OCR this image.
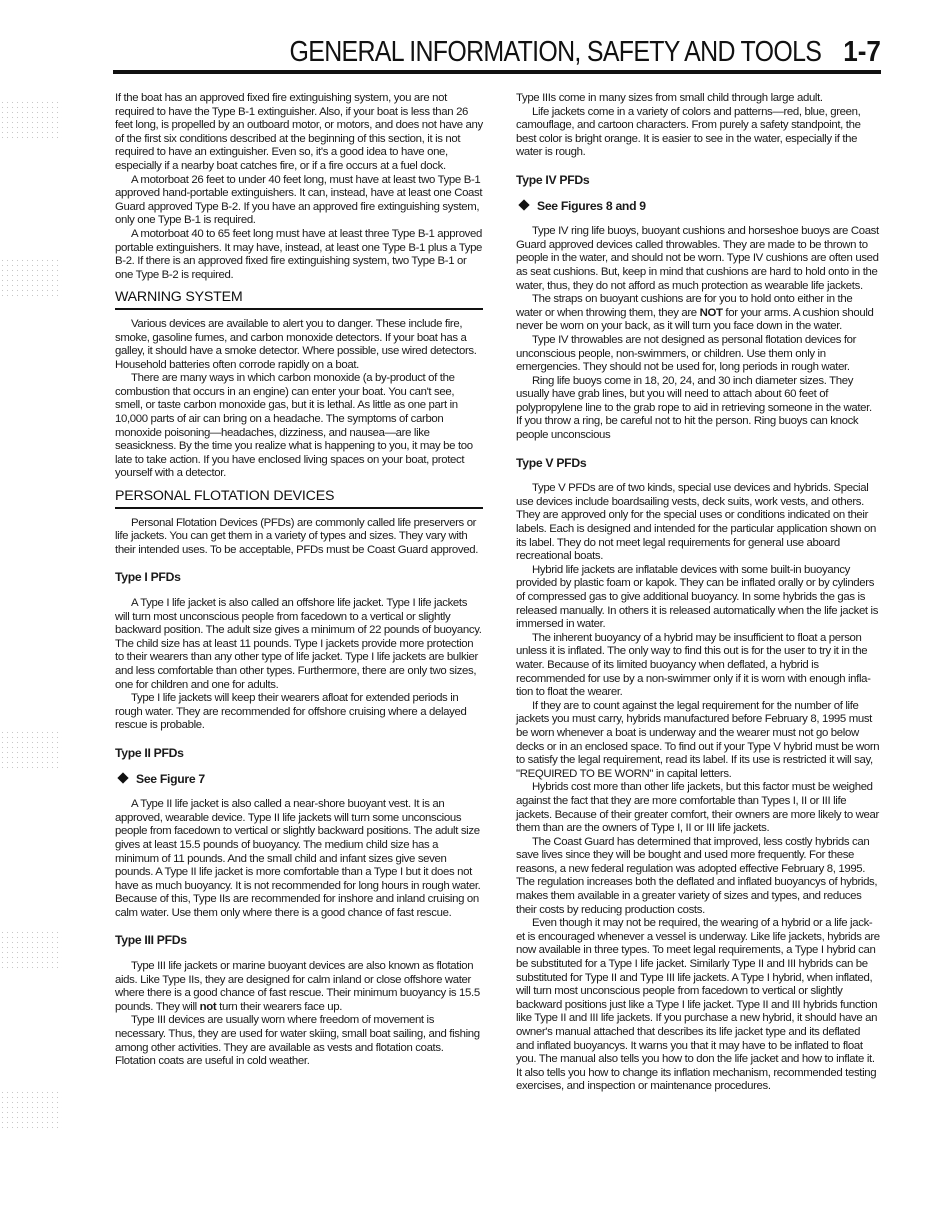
GENERAL INFORMATION, SAFETY AND TOOLS 1-7

If the boat has an approved fixed fire extinguishing system, you are not required to have the Type B-1 extinguisher. Also, if your boat is less than 26 feet long, is propelled by an outboard motor, or motors, and does not have any of the first six conditions described at the beginning of this section, it is not required to have an extinguisher. Even so, it's a good idea to have one, especially if a nearby boat catches fire, or if a fire occurs at a fuel dock.

A motorboat 26 feet to under 40 feet long, must have at least two Type B-1 approved hand-portable extinguishers. It can, instead, have at least one Coast Guard approved Type B-2. If you have an approved fire extinguishing system, only one Type B-1 is required.

A motorboat 40 to 65 feet long must have at least three Type B-1 approved portable extinguishers. It may have, instead, at least one Type B-1 plus a Type B-2. If there is an approved fixed fire extinguishing system, two Type B-1 or one Type B-2 is required.

WARNING SYSTEM

Various devices are available to alert you to danger. These include fire, smoke, gasoline fumes, and carbon monoxide detectors. If your boat has a galley, it should have a smoke detector. Where possible, use wired detectors. Household batteries often corrode rapidly on a boat.

There are many ways in which carbon monoxide (a by-product of the combustion that occurs in an engine) can enter your boat. You can't see, smell, or taste carbon monoxide gas, but it is lethal. As little as one part in 10,000 parts of air can bring on a headache. The symptoms of carbon monoxide poisoning—headaches, dizziness, and nausea—are like seasickness. By the time you realize what is happening to you, it may be too late to take action. If you have enclosed living spaces on your boat, protect yourself with a detector.

PERSONAL FLOTATION DEVICES

Personal Flotation Devices (PFDs) are commonly called life preservers or life jackets. You can get them in a variety of types and sizes. They vary with their intended uses. To be acceptable, PFDs must be Coast Guard approved.

Type I PFDs

A Type I life jacket is also called an offshore life jacket. Type I life jackets will turn most unconscious people from facedown to a vertical or slightly backward position. The adult size gives a minimum of 22 pounds of buoyancy. The child size has at least 11 pounds. Type I jackets provide more protection to their wearers than any other type of life jacket. Type I life jackets are bulkier and less comfortable than other types. Furthermore, there are only two sizes, one for children and one for adults.

Type I life jackets will keep their wearers afloat for extended periods in rough water. They are recommended for offshore cruising where a delayed rescue is probable.

Type II PFDs
See Figure 7

A Type II life jacket is also called a near-shore buoyant vest. It is an approved, wearable device. Type II life jackets will turn some unconscious people from facedown to vertical or slightly backward positions. The adult size gives at least 15.5 pounds of buoyancy. The medium child size has a minimum of 11 pounds. And the small child and infant sizes give seven pounds. A Type II life jacket is more comfortable than a Type I but it does not have as much buoyancy. It is not recommended for long hours in rough water. Because of this, Type IIs are recommended for inshore and inland cruising on calm water. Use them only where there is a good chance of fast rescue.

Type III PFDs

Type III life jackets or marine buoyant devices are also known as flotation aids. Like Type IIs, they are designed for calm inland or close offshore water where there is a good chance of fast rescue. Their minimum buoyancy is 15.5 pounds. They will not turn their wearers face up.

Type III devices are usually worn where freedom of movement is necessary. Thus, they are used for water skiing, small boat sailing, and fishing among other activities. They are available as vests and flotation coats. Flotation coats are useful in cold weather.

Type IIIs come in many sizes from small child through large adult.

Life jackets come in a variety of colors and patterns—red, blue, green, camouflage, and cartoon characters. From purely a safety standpoint, the best color is bright orange. It is easier to see in the water, especially if the water is rough.

Type IV PFDs
See Figures 8 and 9

Type IV ring life buoys, buoyant cushions and horseshoe buoys are Coast Guard approved devices called throwables. They are made to be thrown to people in the water, and should not be worn. Type IV cushions are often used as seat cushions. But, keep in mind that cushions are hard to hold onto in the water, thus, they do not afford as much protection as wearable life jackets.

The straps on buoyant cushions are for you to hold onto either in the water or when throwing them, they are NOT for your arms. A cushion should never be worn on your back, as it will turn you face down in the water.

Type IV throwables are not designed as personal flotation devices for unconscious people, non-swimmers, or children. Use them only in emergencies. They should not be used for, long periods in rough water.

Ring life buoys come in 18, 20, 24, and 30 inch diameter sizes. They usually have grab lines, but you will need to attach about 60 feet of polypropylene line to the grab rope to aid in retrieving someone in the water. If you throw a ring, be careful not to hit the person. Ring buoys can knock people unconscious

Type V PFDs

Type V PFDs are of two kinds, special use devices and hybrids. Special use devices include boardsailing vests, deck suits, work vests, and others. They are approved only for the special uses or conditions indicated on their labels. Each is designed and intended for the particular application shown on its label. They do not meet legal requirements for general use aboard recreational boats.

Hybrid life jackets are inflatable devices with some built-in buoyancy provided by plastic foam or kapok. They can be inflated orally or by cylinders of compressed gas to give additional buoyancy. In some hybrids the gas is released manually. In others it is released automatically when the life jacket is immersed in water.

The inherent buoyancy of a hybrid may be insufficient to float a person unless it is inflated. The only way to find this out is for the user to try it in the water. Because of its limited buoyancy when deflated, a hybrid is recommended for use by a non-swimmer only if it is worn with enough infla-tion to float the wearer.

If they are to count against the legal requirement for the number of life jackets you must carry, hybrids manufactured before February 8, 1995 must be worn whenever a boat is underway and the wearer must not go below decks or in an enclosed space. To find out if your Type V hybrid must be worn to satisfy the legal requirement, read its label. If its use is restricted it will say, "REQUIRED TO BE WORN" in capital letters.

Hybrids cost more than other life jackets, but this factor must be weighed against the fact that they are more comfortable than Types I, II or III life jackets. Because of their greater comfort, their owners are more likely to wear them than are the owners of Type I, II or III life jackets.

The Coast Guard has determined that improved, less costly hybrids can save lives since they will be bought and used more frequently. For these reasons, a new federal regulation was adopted effective February 8, 1995. The regulation increases both the deflated and inflated buoyancys of hybrids, makes them available in a greater variety of sizes and types, and reduces their costs by reducing production costs.

Even though it may not be required, the wearing of a hybrid or a life jack-et is encouraged whenever a vessel is underway. Like life jackets, hybrids are now available in three types. To meet legal requirements, a Type I hybrid can be substituted for a Type I life jacket. Similarly Type II and III hybrids can be substituted for Type II and Type III life jackets. A Type I hybrid, when inflated, will turn most unconscious people from facedown to vertical or slightly backward positions just like a Type I life jacket. Type II and III hybrids function like Type II and III life jackets. If you purchase a new hybrid, it should have an owner's manual attached that describes its life jacket type and its deflated and inflated buoyancys. It warns you that it may have to be inflated to float you. The manual also tells you how to don the life jacket and how to inflate it. It also tells you how to change its inflation mechanism, recommended testing exercises, and inspection or maintenance procedures.
